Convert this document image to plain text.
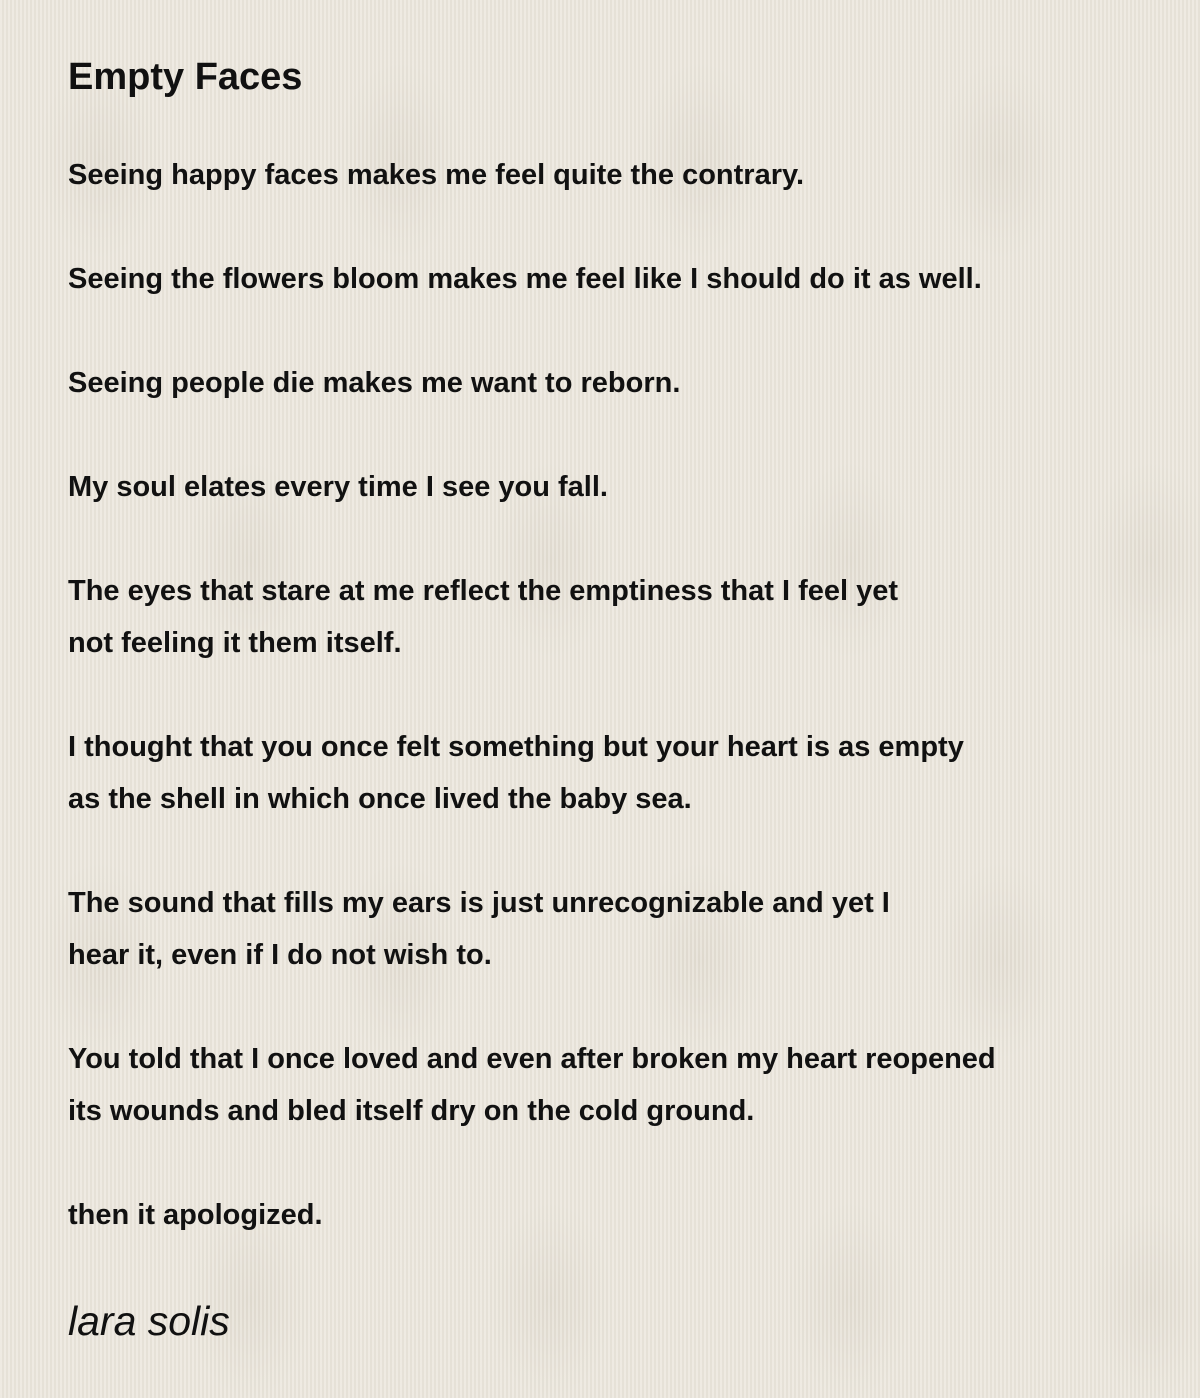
Empty Faces

Seeing happy faces makes me feel quite the contrary.

Seeing the flowers bloom makes me feel like I should do it as well.

Seeing people die makes me want to reborn.

My soul elates every time I see you fall.

The eyes that stare at me reflect the emptiness that I feel yet
not feeling it them itself.

I thought that you once felt something but your heart is as empty
as the shell in which once lived the baby sea.

The sound that fills my ears is just unrecognizable and yet I
hear it, even if I do not wish to.

You told that I once loved and even after broken my heart reopened
its wounds and bled itself dry on the cold ground.

then it apologized.

lara solis
